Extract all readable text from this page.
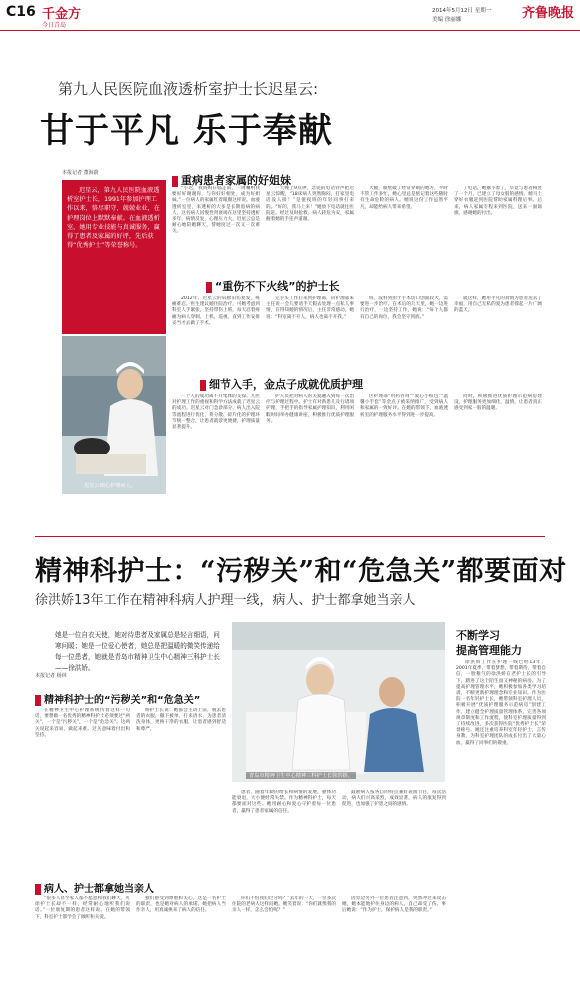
C16 千金方
今日青岛
2014年5月12日 星期一
美编 徐丽娜	齐鲁晚报
第九人民医院血液透析室护士长迟星云:
甘于平凡 乐于奉献
本报记者 董海蔚

迟星云，第九人民医院血液透析室护士长，1991年参加护理工作以来，恪尽职守，兢兢业业，在护理岗位上默默奉献。在血液透析室，她用专业技能与真诚服务，赢得了患者及家属的好评，先后获得“优秀护士”等荣誉称号。

迟星云细心护理病人。
重病患者家属的好姐妹

“小迟，我妈妈在临走前，一再嘱咐我要好好谢谢你，与你好好相处，成为好姐妹。”一位病人的家属红着眼圈这样说。血液透析室里，来透析的大多是长期患病的病人，这名病人因慢性肾衰竭在这里坚持透析多年，病情反复，心理压力大，迟星云总是耐心地陪她聊天，帮她度过一次又一次难关。

一天晚上9点钟，急促的电话铃声把迟星云惊醒，“18床病人突然胸闷，打家里电话没人接！”是值夜班的年轻同事打来的。“好的，我马上来！”她放下电话就往医院赶。经过及时抢救，病人转危为安，家属握着她的手连声道谢。

大腿，膜壁破了经常穿刺的地方，平时不管工作多忙，她心里总是惦记着这些随时有生命危险的病人。她说这份工作虽然平凡，却能给病人带来希望。

了电话，她撂不着了，毕竟与患者相处了一个月，已建立了母女般的感情。她马上穿好衣服赶到医院帮助家属料理后事。后来，病人家属专程来到医院，送来一面锦旗，感谢她的付出。

“重伤不下火线”的护士长

2012年，迟星云的肩膀旧伤复发，疼痛难忍。医生建议她住院治疗，可她考虑到科室人手紧张，坚持带伤上班，每天忍着疼痛为病人穿刺、上机、巡视，直到工作安排妥当才去做了手术。

完手头工作后来到护理部，向护理部朱主任说一会儿要请半天假去处理一点私人事情，在得知她的情况后，主任非常感动。她说：“科室离不开人，病人也离不开我。”

班，没料到由于手术切口创面较大，需要进一步治疗。在术后的几天里，她一边进行治疗，一边坚持工作，她说：“每个人都有自己的岗位，我会坚守到底。”

就这样，她用平凡的真情为患者送去了幸福，用自己无私的爱为患者撑起一片广阔的蓝天。

细节入手，金点子成就优质护理

一个人的成功离不开集体的支撑。九医对护理工作的重视和科学方法成就了迟星云的成功。迟星云对门急诊部分、病人出入院等流程进行优化，将分散、碎片化的护理环节统一整合，让患者就诊更便捷，护理质量显著提升。

护人员把对病人的关爱融入到每一次治疗与护理过程中。护士有对新患儿及行诸项护理，手把手的指导家属护理知识，利用闲暇时间举办健康讲座，积极推行优质护理服务。

区护理部“用药咨询”“爱心小纸包”“温馨小手套”等金点子被采纳推广，受到病人和家属的一致好评。在她的带领下，血液透析室的护理服务水平得到进一步提高。

同时，积极推进优质护理示范病房建设，护理服务更加细化、温情，让患者真正感受到家一般的温暖。

精神科护士：“污秽关”和“危急关”都要面对
徐洪娇13年工作在精神科病人护理一线，病人、护士都拿她当亲人
她是一位自衣天使，她对待患者及家属总是轻言细语，问寒问暖；她是一位爱心使者，她总是把温暖的微笑传递给每一位患者，她就是青岛市精神卫生中心精神三科护士长——徐洪娇。
本报记者 杨林
青岛市精神卫生中心精神三科护士长徐洪娇。
不断学习
提高管理能力

徐洪娇工作在护理一线已经13年，2001年夏季，带着梦想，带着期待，带着自信，一脸稚气的徐洪娇在老护士长的引导下，踏进了这个陌生而又神秘的病房。为了提高护理管理水平，她积极参加各类学习培训，不断更新护理理念和专业知识。作为医院一名年轻护士长，她带领科室护理人员，积极开展“优质护理服务示范病房”创建工作，建立健全护理质量管理体系，完善各项规章制度和工作流程，使科室护理质量得到了持续改进，多次获得医院“优秀护士长”荣誉称号。她还注重培养科室年轻护士，言传身教，为科室护理团队的成长付出了大量心血，赢得了同事们的敬重。

精神科护士的“污秽关”和“危急关”

在精神卫生中心护理系统传着这样一句话，要想做一名优秀的精神科护士必须要过“两关”，一个是“污秽关”，一个是“危急关”。这两关说起来容易，做起来难。过关意味着付出和坚持。

娇护士长说：她都会主动上前，脱去患者的衣服，撤下被单，打来清水，为患者清洗身体，更换干净的衣服，让患者感到舒适和尊严。

患者，随着年龄的增长和病情的发展，躯体功能衰退，大小便经常失禁。作为精神科护士，每天都要面对这些。她用耐心和爱心守护着每一位患者，赢得了患者家属的信任。

鼓励病人按各自的特点兼好表演节目，每次活动，病人们兴高采烈，成效显著，病人的康复得到促进，也加强了护患之间的感情。

病人、护士都拿她当亲人

“很多人甚至家人都不愿意和我们聊天，可徐护士长却不一样，经常耐心地听我们说话。”一位康复期的患者这样说。在她的带领下，科室护士都学会了倾听和关爱。

独们感受到尊重和关心。这是一名护士的职责，也是她对病人的承诺。她把病人当作亲人，用真诚换来了病人的信任。

你们不怕我们过分吗？”去年的一天，一位多次住院的老病人这样问她。她笑着说：“你们就像我的亲人一样，怎么会怕呢？”

因旁边另外一位患者注意到，突然冲过来攻击她，她本能地护住身边的病人，自己却受了伤。事后她说：“作为护士，保护病人是我的职责。”
